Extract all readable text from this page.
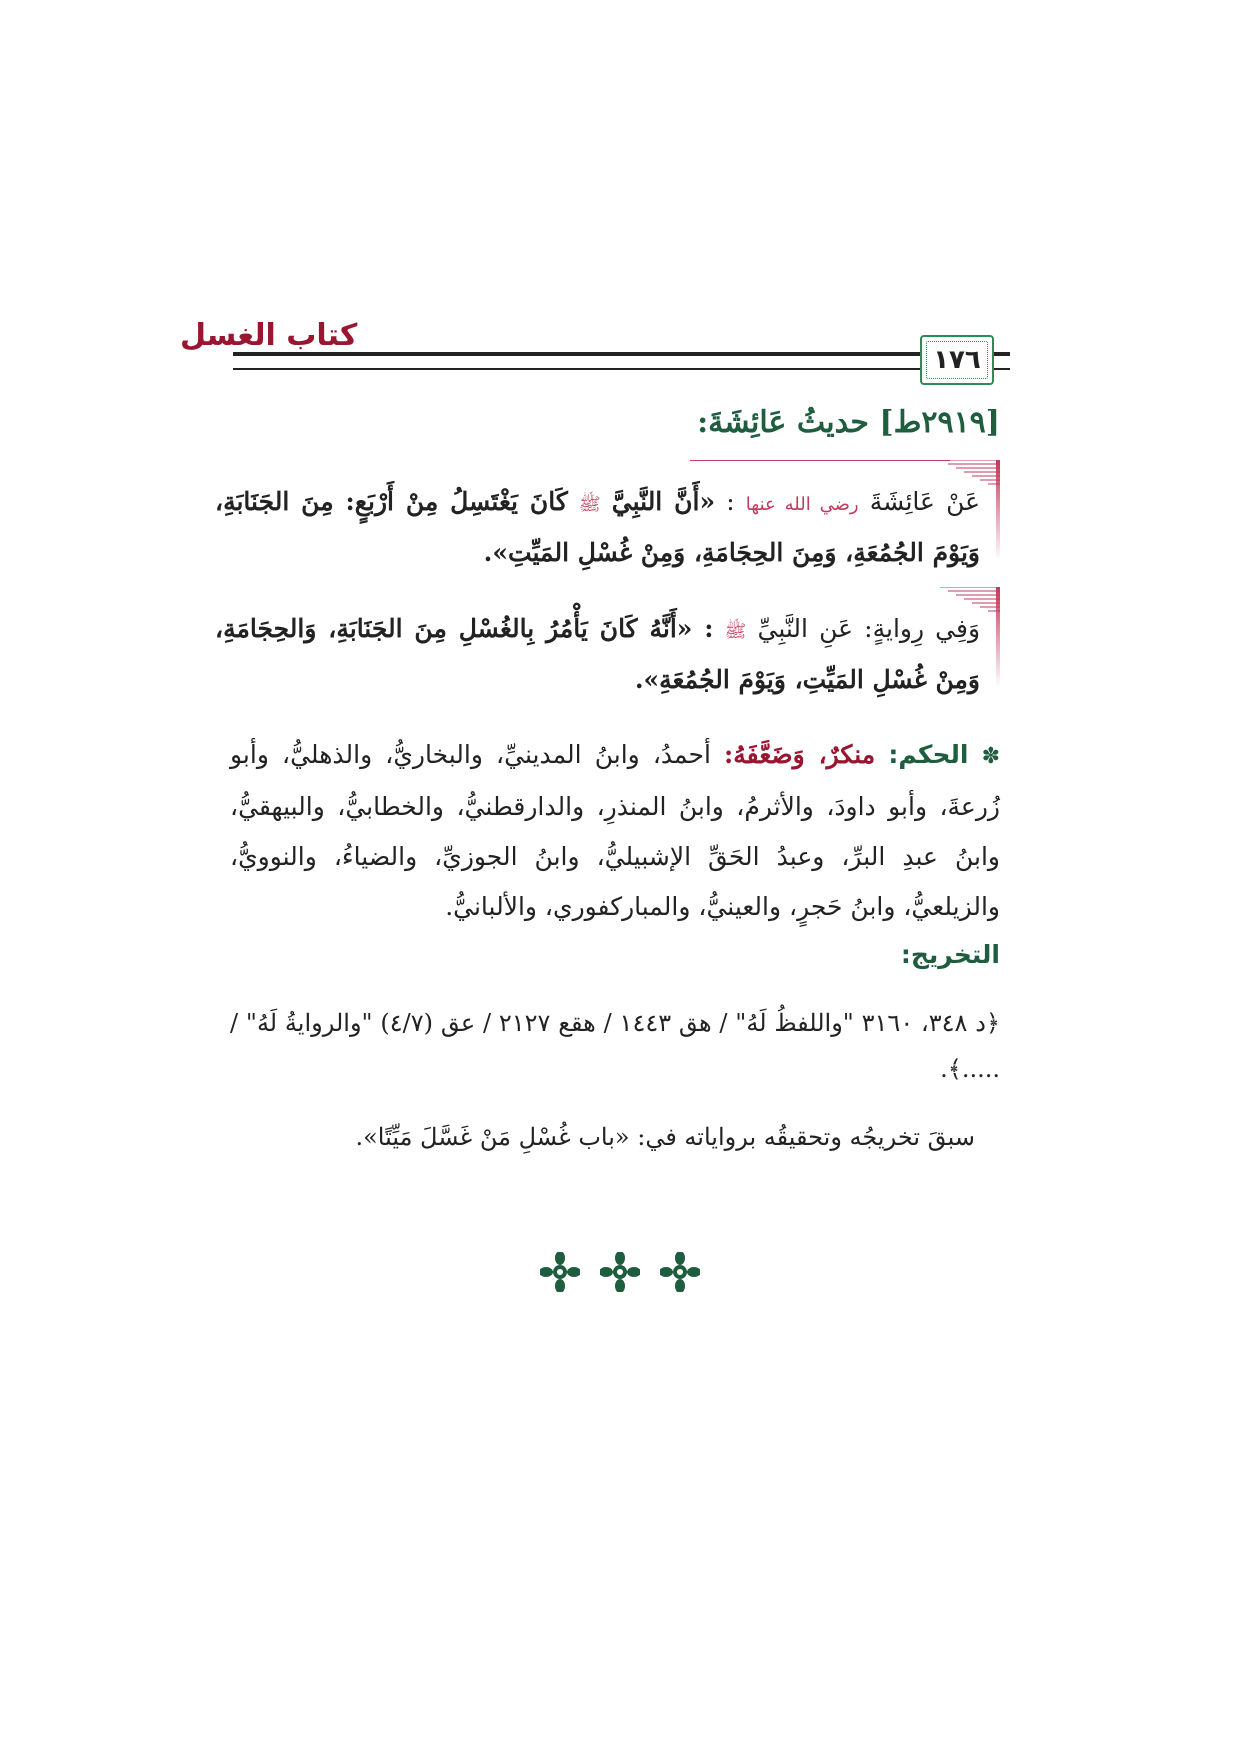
كتاب الغسل
١٧٦
[٢٩١٩ط] حديثُ عَائِشَةَ:
عَنْ عَائِشَةَ رضي الله عنها : «أَنَّ النَّبِيَّ ﷺ كَانَ يَغْتَسِلُ مِنْ أَرْبَعٍ: مِنَ الجَنَابَةِ، وَيَوْمَ الجُمُعَةِ، وَمِنَ الحِجَامَةِ، وَمِنْ غُسْلِ المَيِّتِ».
وَفِي رِوايةٍ: عَنِ النَّبِيِّ ﷺ : «أَنَّهُ كَانَ يَأْمُرُ بِالغُسْلِ مِنَ الجَنَابَةِ، وَالحِجَامَةِ، وَمِنْ غُسْلِ المَيِّتِ، وَيَوْمَ الجُمُعَةِ».
✽ الحكم: منكرٌ، وَضَعَّفَهُ: أحمدُ، وابنُ المدينيِّ، والبخاريُّ، والذهليُّ، وأبو زُرعةَ، وأبو داودَ، والأثرمُ، وابنُ المنذرِ، والدارقطنيُّ، والخطابيُّ، والبيهقيُّ، وابنُ عبدِ البرِّ، وعبدُ الحَقِّ الإشبيليُّ، وابنُ الجوزيِّ، والضياءُ، والنوويُّ، والزيلعيُّ، وابنُ حَجرٍ، والعينيُّ، والمباركفوري، والألبانيُّ.
التخريج:
﴿د ٣٤٨، ٣١٦٠ "واللفظُ لَهُ" / هق ١٤٤٣ / هقع ٢١٢٧ / عق (٤/٧) "والروايةُ لَهُ" / .....﴾.
سبقَ تخريجُه وتحقيقُه برواياته في: «باب غُسْلِ مَنْ غَسَّلَ مَيِّتًا».
